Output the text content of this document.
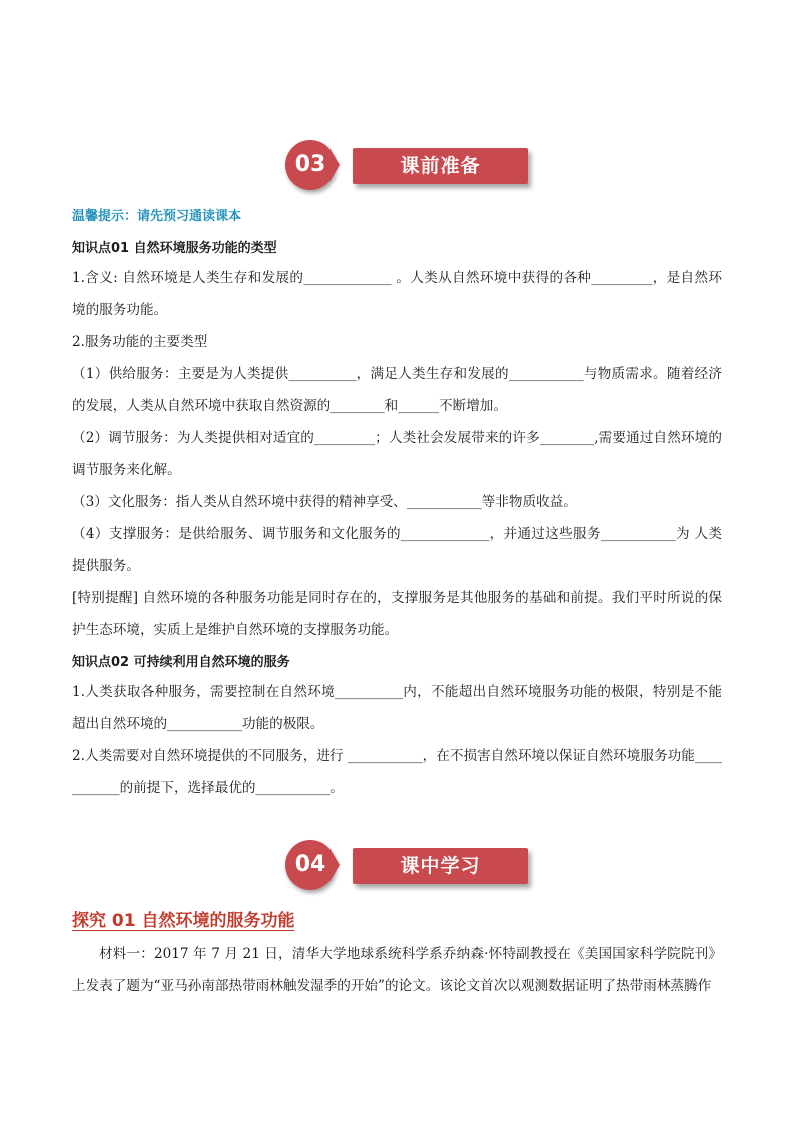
03	课前准备
温馨提示：请先预习通读课本
知识点01 自然环境服务功能的类型
1.含义: 自然环境是人类生存和发展的_____________ 。人类从自然环境中获得的各种_________，是自然环境的服务功能。
2.服务功能的主要类型
（1）供给服务：主要是为人类提供__________，满足人类生存和发展的___________与物质需求。随着经济的发展，人类从自然环境中获取自然资源的________和______不断增加。
（2）调节服务：为人类提供相对适宜的_________；人类社会发展带来的许多________,需要通过自然环境的调节服务来化解。
（3）文化服务：指人类从自然环境中获得的精神享受、___________等非物质收益。
（4）支撑服务：是供给服务、调节服务和文化服务的_____________，并通过这些服务___________为 人类提供服务。
[特别提醒] 自然环境的各种服务功能是同时存在的，支撑服务是其他服务的基础和前提。我们平时所说的保护生态环境，实质上是维护自然环境的支撑服务功能。
知识点02 可持续利用自然环境的服务
1.人类获取各种服务，需要控制在自然环境__________内，不能超出自然环境服务功能的极限，特别是不能超出自然环境的___________功能的极限。
2.人类需要对自然环境提供的不同服务，进行 ___________，在不损害自然环境以保证自然环境服务功能___________的前提下，选择最优的___________。
04	课中学习
探究 01 自然环境的服务功能
材料一：2017 年 7 月 21 日，清华大学地球系统科学系乔纳森·怀特副教授在《美国国家科学院院刊》上发表了题为“亚马孙南部热带雨林触发湿季的开始”的论文。该论文首次以观测数据证明了热带雨林蒸腾作
